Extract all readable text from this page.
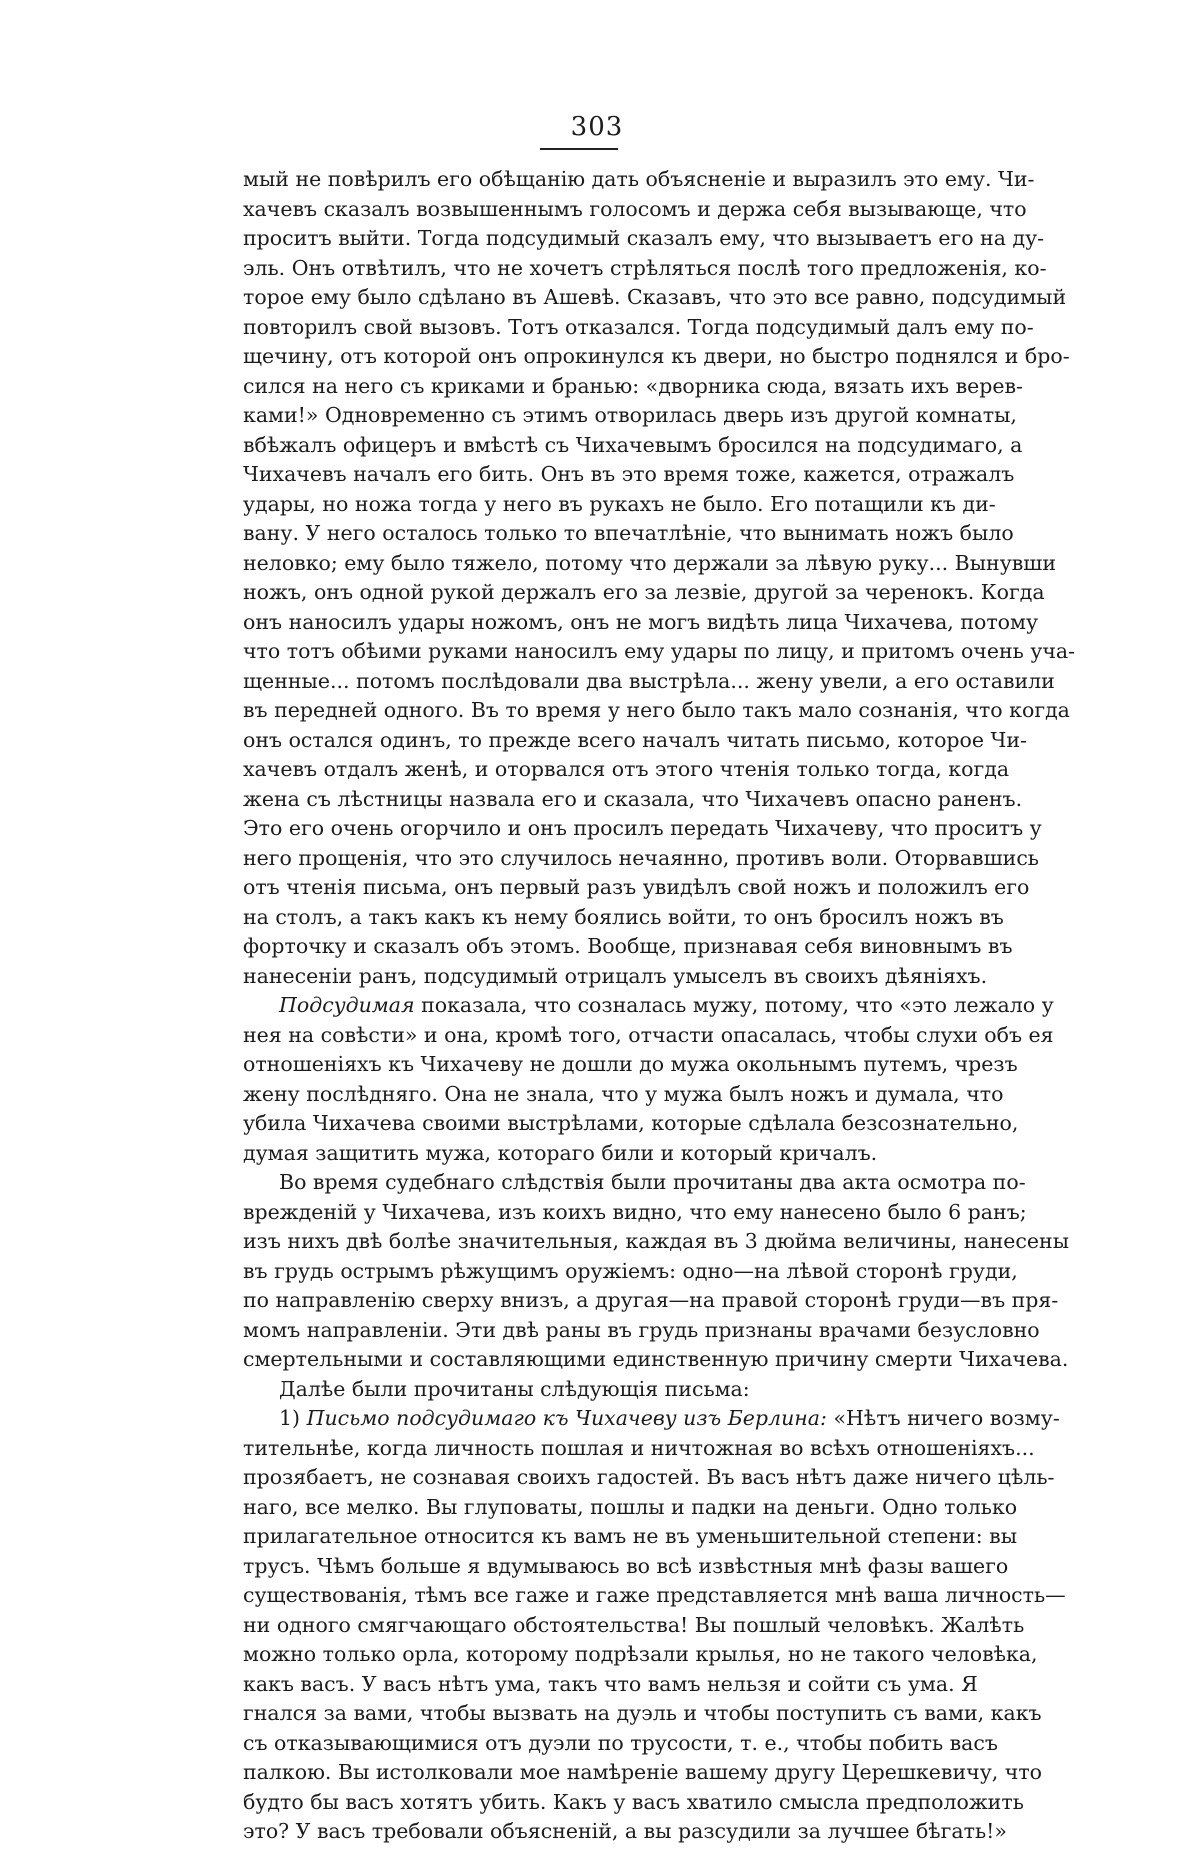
303
мый не повѣрилъ его обѣщанію дать объясненіе и выразилъ это ему. Чи-
хачевъ сказалъ возвышеннымъ голосомъ и держа себя вызывающе, что
проситъ выйти. Тогда подсудимый сказалъ ему, что вызываетъ его на ду-
эль. Онъ отвѣтилъ, что не хочетъ стрѣляться послѣ того предложенія, ко-
торое ему было сдѣлано въ Ашевѣ. Сказавъ, что это все равно, подсудимый
повторилъ свой вызовъ. Тотъ отказался. Тогда подсудимый далъ ему по-
щечину, отъ которой онъ опрокинулся къ двери, но быстро поднялся и бро-
сился на него съ криками и бранью: «дворника сюда, вязать ихъ верев-
ками!» Одновременно съ этимъ отворилась дверь изъ другой комнаты,
вбѣжалъ офицеръ и вмѣстѣ съ Чихачевымъ бросился на подсудимаго, а
Чихачевъ началъ его бить. Онъ въ это время тоже, кажется, отражалъ
удары, но ножа тогда у него въ рукахъ не было. Его потащили къ ди-
вану. У него осталось только то впечатлѣніе, что вынимать ножъ было
неловко; ему было тяжело, потому что держали за лѣвую руку... Вынувши
ножъ, онъ одной рукой держалъ его за лезвіе, другой за черенокъ. Когда
онъ наносилъ удары ножомъ, онъ не могъ видѣть лица Чихачева, потому
что тотъ обѣими руками наносилъ ему удары по лицу, и притомъ очень уча-
щенные... потомъ послѣдовали два выстрѣла... жену увели, а его оставили
въ передней одного. Въ то время у него было такъ мало сознанія, что когда
онъ остался одинъ, то прежде всего началъ читать письмо, которое Чи-
хачевъ отдалъ женѣ, и оторвался отъ этого чтенія только тогда, когда
жена съ лѣстницы назвала его и сказала, что Чихачевъ опасно раненъ.
Это его очень огорчило и онъ просилъ передать Чихачеву, что проситъ у
него прощенія, что это случилось нечаянно, противъ воли. Оторвавшись
отъ чтенія письма, онъ первый разъ увидѣлъ свой ножъ и положилъ его
на столъ, а такъ какъ къ нему боялись войти, то онъ бросилъ ножъ въ
форточку и сказалъ объ этомъ. Вообще, признавая себя виновнымъ въ
нанесеніи ранъ, подсудимый отрицалъ умыселъ въ своихъ дѣяніяхъ.
Подсудимая показала, что созналась мужу, потому, что «это лежало у
нея на совѣсти» и она, кромѣ того, отчасти опасалась, чтобы слухи объ ея
отношеніяхъ къ Чихачеву не дошли до мужа окольнымъ путемъ, чрезъ
жену послѣдняго. Она не знала, что у мужа былъ ножъ и думала, что
убила Чихачева своими выстрѣлами, которые сдѣлала безсознательно,
думая защитить мужа, котораго били и который кричалъ.
Во время судебнаго слѣдствія были прочитаны два акта осмотра по-
врежденій у Чихачева, изъ коихъ видно, что ему нанесено было 6 ранъ;
изъ нихъ двѣ болѣе значительныя, каждая въ 3 дюйма величины, нанесены
въ грудь острымъ рѣжущимъ оружіемъ: одно—на лѣвой сторонѣ груди,
по направленію сверху внизъ, а другая—на правой сторонѣ груди—въ пря-
момъ направленіи. Эти двѣ раны въ грудь признаны врачами безусловно
смертельными и составляющими единственную причину смерти Чихачева.
Далѣе были прочитаны слѣдующія письма:
1) Письмо подсудимаго къ Чихачеву изъ Берлина: «Нѣтъ ничего возму-
тительнѣе, когда личность пошлая и ничтожная во всѣхъ отношеніяхъ...
прозябаетъ, не сознавая своихъ гадостей. Въ васъ нѣтъ даже ничего цѣль-
наго, все мелко. Вы глуповаты, пошлы и падки на деньги. Одно только
прилагательное относится къ вамъ не въ уменьшительной степени: вы
трусъ. Чѣмъ больше я вдумываюсь во всѣ извѣстныя мнѣ фазы вашего
существованія, тѣмъ все гаже и гаже представляется мнѣ ваша личность—
ни одного смягчающаго обстоятельства! Вы пошлый человѣкъ. Жалѣть
можно только орла, которому подрѣзали крылья, но не такого человѣка,
какъ васъ. У васъ нѣтъ ума, такъ что вамъ нельзя и сойти съ ума. Я
гнался за вами, чтобы вызвать на дуэль и чтобы поступить съ вами, какъ
съ отказывающимися отъ дуэли по трусости, т. е., чтобы побить васъ
палкою. Вы истолковали мое намѣреніе вашему другу Церешкевичу, что
будто бы васъ хотятъ убить. Какъ у васъ хватило смысла предположить
это? У васъ требовали объясненій, а вы разсудили за лучшее бѣгать!»
